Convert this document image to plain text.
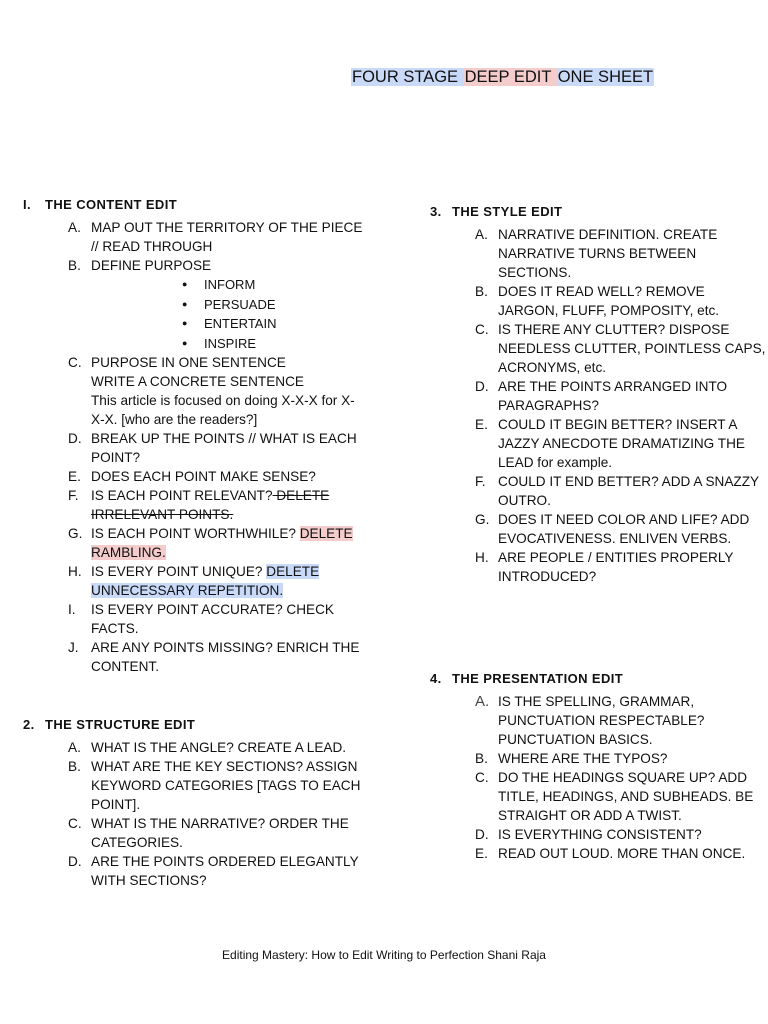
FOUR STAGE DEEP EDIT ONE SHEET
I. THE CONTENT EDIT
A. MAP OUT THE TERRITORY OF THE PIECE // READ THROUGH
B. DEFINE PURPOSE
● INFORM
● PERSUADE
● ENTERTAIN
● INSPIRE
C. PURPOSE IN ONE SENTENCE
WRITE A CONCRETE SENTENCE
This article is focused on doing X-X-X for X-X-X. [who are the readers?]
D. BREAK UP THE POINTS // WHAT IS EACH POINT?
E. DOES EACH POINT MAKE SENSE?
F. IS EACH POINT RELEVANT? DELETE IRRELEVANT POINTS.
G. IS EACH POINT WORTHWHILE? DELETE RAMBLING.
H. IS EVERY POINT UNIQUE? DELETE UNNECESSARY REPETITION.
I. IS EVERY POINT ACCURATE? CHECK FACTS.
J. ARE ANY POINTS MISSING? ENRICH THE CONTENT.
2. THE STRUCTURE EDIT
A. WHAT IS THE ANGLE? CREATE A LEAD.
B. WHAT ARE THE KEY SECTIONS? ASSIGN KEYWORD CATEGORIES [TAGS TO EACH POINT].
C. WHAT IS THE NARRATIVE? ORDER THE CATEGORIES.
D. ARE THE POINTS ORDERED ELEGANTLY WITH SECTIONS?
3. THE STYLE EDIT
A. NARRATIVE DEFINITION. CREATE NARRATIVE TURNS BETWEEN SECTIONS.
B. DOES IT READ WELL? REMOVE JARGON, FLUFF, POMPOSITY, etc.
C. IS THERE ANY CLUTTER? DISPOSE NEEDLESS CLUTTER, POINTLESS CAPS, ACRONYMS, etc.
D. ARE THE POINTS ARRANGED INTO PARAGRAPHS?
E. COULD IT BEGIN BETTER? INSERT A JAZZY ANECDOTE DRAMATIZING THE LEAD for example.
F. COULD IT END BETTER? ADD A SNAZZY OUTRO.
G. DOES IT NEED COLOR AND LIFE? ADD EVOCATIVENESS. ENLIVEN VERBS.
H. ARE PEOPLE / ENTITIES PROPERLY INTRODUCED?
4. THE PRESENTATION EDIT
A. IS THE SPELLING, GRAMMAR, PUNCTUATION RESPECTABLE? PUNCTUATION BASICS.
B. WHERE ARE THE TYPOS?
C. DO THE HEADINGS SQUARE UP? ADD TITLE, HEADINGS, AND SUBHEADS. BE STRAIGHT OR ADD A TWIST.
D. IS EVERYTHING CONSISTENT?
E. READ OUT LOUD. MORE THAN ONCE.
Editing Mastery: How to Edit Writing to Perfection Shani Raja
